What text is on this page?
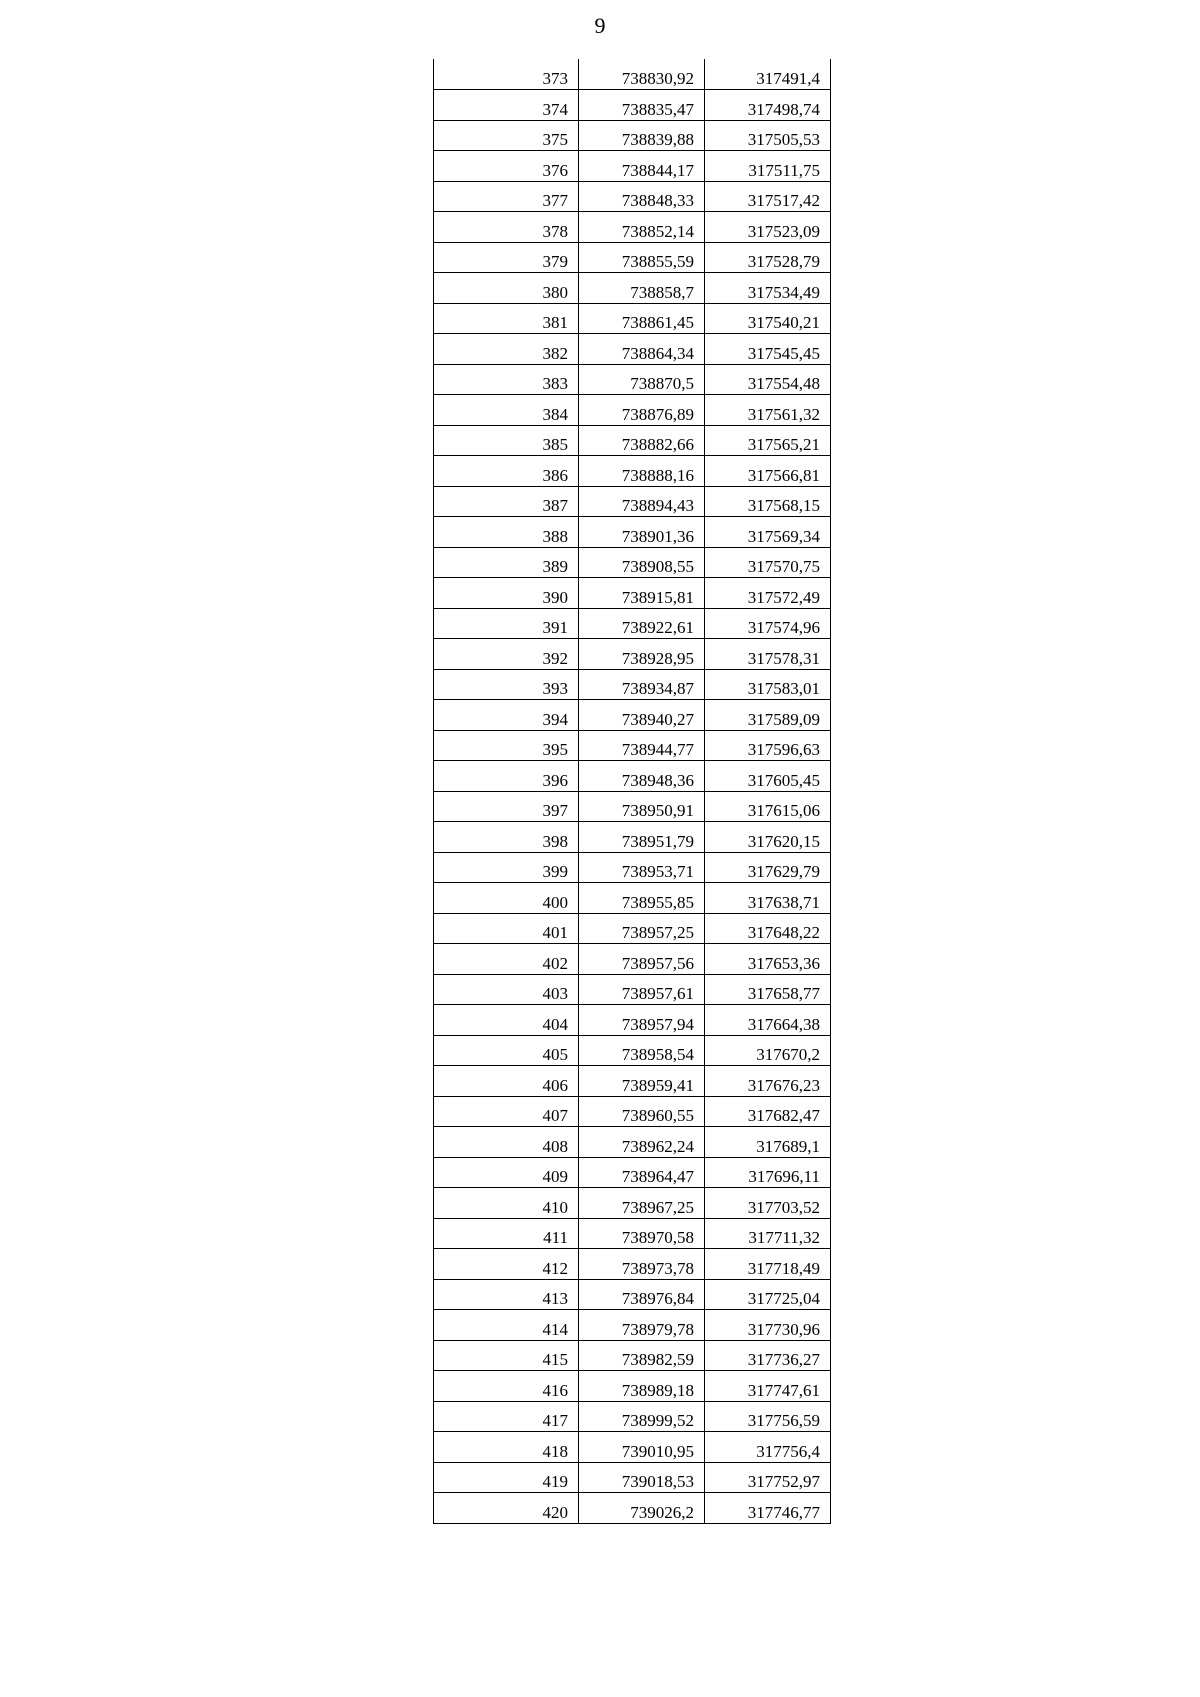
9
373	738830,92	317491,4
374	738835,47	317498,74
375	738839,88	317505,53
376	738844,17	317511,75
377	738848,33	317517,42
378	738852,14	317523,09
379	738855,59	317528,79
380	738858,7	317534,49
381	738861,45	317540,21
382	738864,34	317545,45
383	738870,5	317554,48
384	738876,89	317561,32
385	738882,66	317565,21
386	738888,16	317566,81
387	738894,43	317568,15
388	738901,36	317569,34
389	738908,55	317570,75
390	738915,81	317572,49
391	738922,61	317574,96
392	738928,95	317578,31
393	738934,87	317583,01
394	738940,27	317589,09
395	738944,77	317596,63
396	738948,36	317605,45
397	738950,91	317615,06
398	738951,79	317620,15
399	738953,71	317629,79
400	738955,85	317638,71
401	738957,25	317648,22
402	738957,56	317653,36
403	738957,61	317658,77
404	738957,94	317664,38
405	738958,54	317670,2
406	738959,41	317676,23
407	738960,55	317682,47
408	738962,24	317689,1
409	738964,47	317696,11
410	738967,25	317703,52
411	738970,58	317711,32
412	738973,78	317718,49
413	738976,84	317725,04
414	738979,78	317730,96
415	738982,59	317736,27
416	738989,18	317747,61
417	738999,52	317756,59
418	739010,95	317756,4
419	739018,53	317752,97
420	739026,2	317746,77
